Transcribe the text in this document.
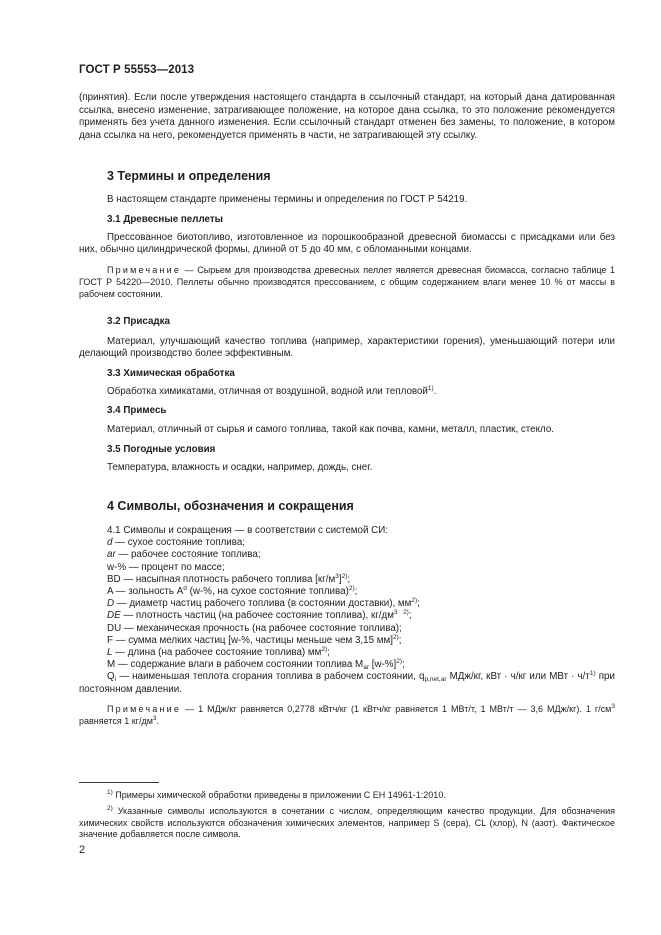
ГОСТ Р 55553—2013

(принятия). Если после утверждения настоящего стандарта в ссылочный стандарт, на который дана датированная ссылка, внесено изменение, затрагивающее положение, на которое дана ссылка, то это положение рекомендуется применять без учета данного изменения. Если ссылочный стандарт отменен без замены, то положение, в котором дана ссылка на него, рекомендуется применять в части, не затрагивающей эту ссылку.

3 Термины и определения

В настоящем стандарте применены термины и определения по ГОСТ Р 54219.

3.1 Древесные пеллеты

Прессованное биотопливо, изготовленное из порошкообразной древесной биомассы с присадками или без них, обычно цилиндрической формы, длиной от 5 до 40 мм, с обломанными концами.

Примечание — Сырьем для производства древесных пеллет является древесная биомасса, согласно таблице 1 ГОСТ Р 54220—2010. Пеллеты обычно производятся прессованием, с общим содержанием влаги менее 10 % от массы в рабочем состоянии.

3.2 Присадка

Материал, улучшающий качество топлива (например, характеристики горения), уменьшающий потери или делающий производство более эффективным.

3.3 Химическая обработка

Обработка химикатами, отличная от воздушной, водной или тепловой$^{1)}$.

3.4 Примесь

Материал, отличный от сырья и самого топлива, такой как почва, камни, металл, пластик, стекло.

3.5 Погодные условия

Температура, влажность и осадки, например, дождь, снег.

4 Символы, обозначения и сокращения

4.1 Символы и сокращения — в соответствии с системой СИ:

d — сухое состояние топлива;

ar — рабочее состояние топлива;

w-% — процент по массе;

BD — насыпная плотность рабочего топлива $[кг/м^3]^{2)}$;

A — зольность $A^d$ (w-%, на сухое состояние топлива)$^{2)}$;

D — диаметр частиц рабочего топлива (в состоянии доставки), $мм^{2)}$;

DE — плотность частиц (на рабочее состояние топлива), $кг/дм^3$ $^{2)}$;

DU — механическая прочность (на рабочее состояние топлива);

F — сумма мелких частиц [w-%, частицы меньше чем 3,15 мм]$^{2)}$;

L — длина (на рабочее состояние топлива) $мм^{2)}$;

M — содержание влаги в рабочем состоянии топлива $M_{ar}$ $[w-\%]^{2)}$;

$Q_i$ — наименьшая теплота сгорания топлива в рабочем состоянии, $q_{p,net,ar}$ МДж/кг, кВт · ч/кг или МВт · $ч/т^{1)}$ при постоянном давлении.

Примечание — 1 МДж/кг равняется 0,2778 кВтч/кг (1 кВтч/кг равняется 1 МВт/т, 1 МВт/т — 3,6 МДж/кг). 1 $г/см^3$ равняется 1 $кг/дм^3$.

$^{1)}$ Примеры химической обработки приведены в приложении С ЕН 14961-1:2010.

$^{2)}$ Указанные символы используются в сочетании с числом, определяющим качество продукции. Для обозначения химических свойств используются обозначения химических элементов, например S (сера), CL (хлор), N (азот). Фактическое значение добавляется после символа.

2
